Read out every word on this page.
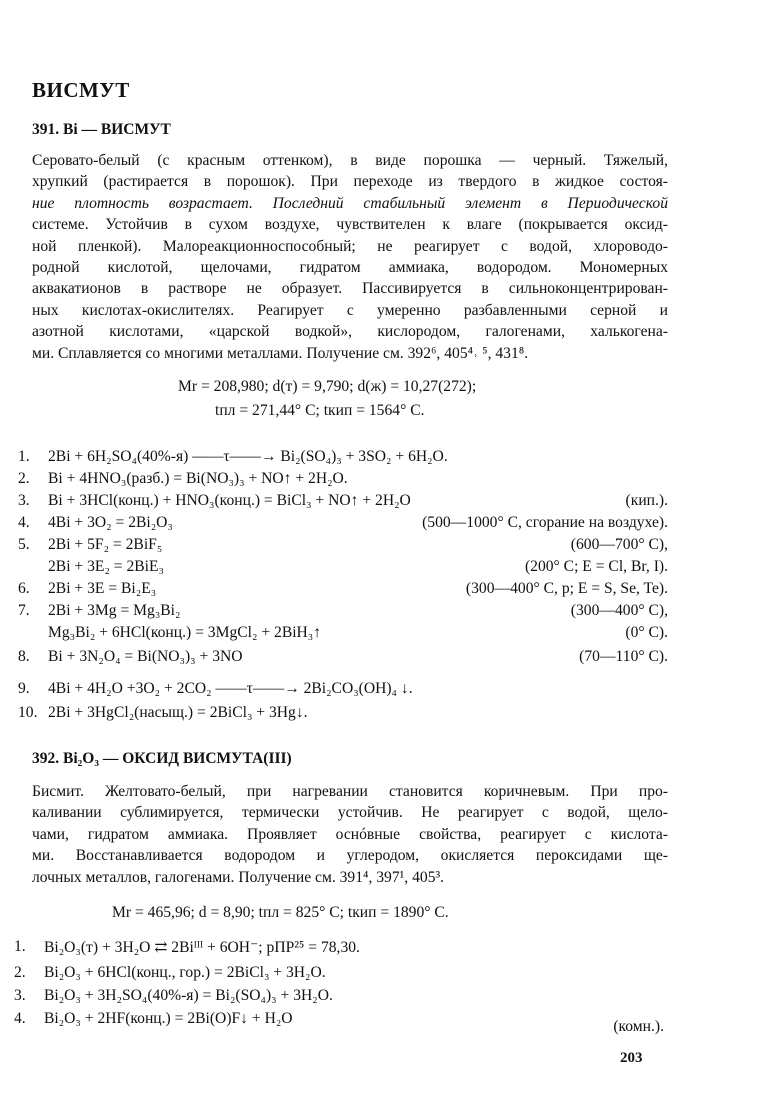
ВИСМУТ
391. Bi — ВИСМУТ
Серовато-белый (с красным оттенком), в виде порошка — черный. Тяжелый,
хрупкий (растирается в порошок). При переходе из твердого в жидкое состоя-
ние плотность возрастает. Последний стабильный элемент в Периодической
системе. Устойчив в сухом воздухе, чувствителен к влаге (покрывается оксид-
ной пленкой). Малореакционноспособный; не реагирует с водой, хлороводо-
родной кислотой, щелочами, гидратом аммиака, водородом. Мономерных
аквакатионов в растворе не образует. Пассивируется в сильноконцентрирован-
ных кислотах-окислителях. Реагирует с умеренно разбавленными серной и
азотной кислотами, «царской водкой», кислородом, галогенами, халькогена-
ми. Сплавляется со многими металлами. Получение см. 392⁶, 405⁴˒ ⁵, 431⁸.
Mr = 208,980; d(т) = 9,790; d(ж) = 10,27(272);
tпл = 271,44° C; tкип = 1564° C.
1.	2Bi + 6H₂SO₄(40%-я) ——τ——→ Bi₂(SO₄)₃ + 3SO₂ + 6H₂O.
2.	Bi + 4HNO₃(разб.) = Bi(NO₃)₃ + NO↑ + 2H₂O.
3.	Bi + 3HCl(конц.) + HNO₃(конц.) = BiCl₃ + NO↑ + 2H₂O	(кип.).
4.	4Bi + 3O₂ = 2Bi₂O₃	(500—1000° C, сгорание на воздухе).
5.	2Bi + 5F₂ = 2BiF₅	(600—700° C),
2Bi + 3E₂ = 2BiE₃	(200° C; E = Cl, Br, I).
6.	2Bi + 3E = Bi₂E₃	(300—400° C, p; E = S, Se, Te).
7.	2Bi + 3Mg = Mg₃Bi₂	(300—400° C),
Mg₃Bi₂ + 6HCl(конц.) = 3MgCl₂ + 2BiH₃↑	(0° C).
8.	Bi + 3N₂O₄ = Bi(NO₃)₃ + 3NO	(70—110° C).
9.	4Bi + 4H₂O +3O₂ + 2CO₂ ——τ——→ 2Bi₂CO₃(OH)₄ ↓.
10. 2Bi + 3HgCl₂(насыщ.) = 2BiCl₃ + 3Hg↓.
392. Bi₂O₃ — ОКСИД ВИСМУТА(III)
Бисмит. Желтовато-белый, при нагревании становится коричневым. При про-
каливании сублимируется, термически устойчив. Не реагирует с водой, щело-
чами, гидратом аммиака. Проявляет оснóвные свойства, реагирует с кислота-
ми. Восстанавливается водородом и углеродом, окисляется пероксидами ще-
лочных металлов, галогенами. Получение см. 391⁴, 397¹, 405³.
Mr = 465,96; d = 8,90; tпл = 825° C; tкип = 1890° C.
1.	Bi₂O₃(т) + 3H₂O ⇄ 2Biᴵᴵᴵ + 6OH⁻; pПР²⁵ = 78,30.
2.	Bi₂O₃ + 6HCl(конц., гор.) = 2BiCl₃ + 3H₂O.
3.	Bi₂O₃ + 3H₂SO₄(40%-я) = Bi₂(SO₄)₃ + 3H₂O.
4.	Bi₂O₃ + 2HF(конц.) = 2Bi(O)F↓ + H₂O	(комн.).
203
